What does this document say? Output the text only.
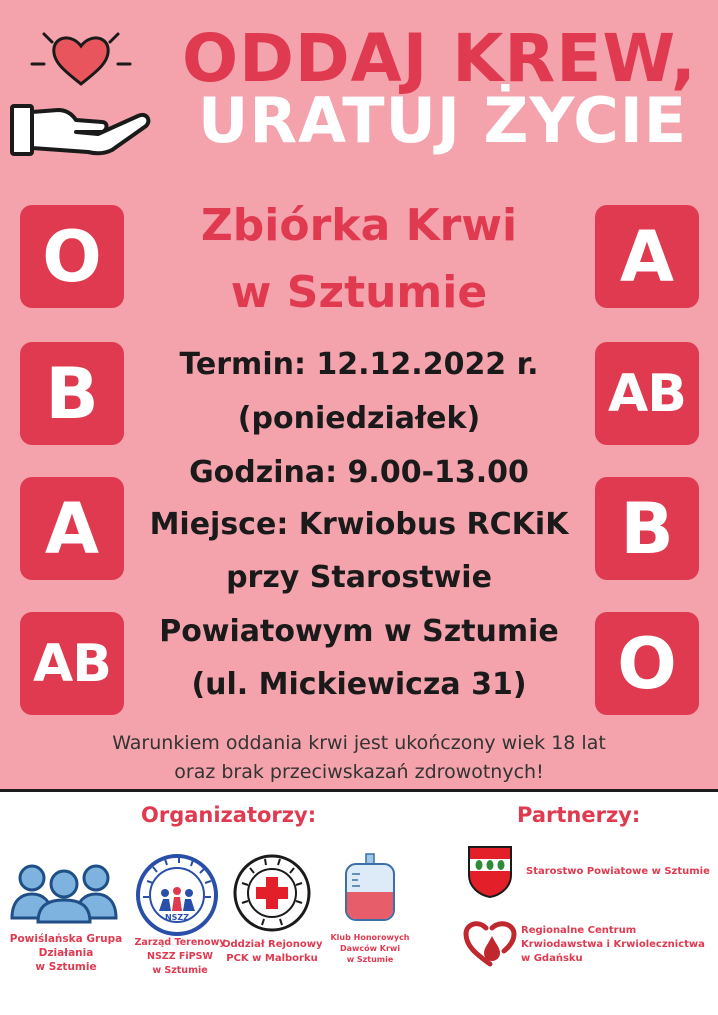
ODDAJ KREW,
URATUJ ŻYCIE
O
B
A
AB
A
AB
B
O
Zbiórka Krwi
w Sztumie
Termin: 12.12.2022 r.
(poniedziałek)
Godzina: 9.00-13.00
Miejsce: Krwiobus RCKiK
przy Starostwie
Powiatowym w Sztumie
(ul. Mickiewicza 31)
Warunkiem oddania krwi jest ukończony wiek 18 lat
oraz brak przeciwskazań zdrowotnych!
Organizatorzy:
Powiślańska Grupa
Działania
w Sztumie
NSZZ
Zarząd Terenowy
NSZZ FiPSW
w Sztumie
Oddział Rejonowy
PCK w Malborku
Klub Honorowych
Dawców Krwi
w Sztumie
Partnerzy:
Starostwo Powiatowe w Sztumie
Regionalne Centrum
Krwiodawstwa i Krwiolecznictwa
w Gdańsku
